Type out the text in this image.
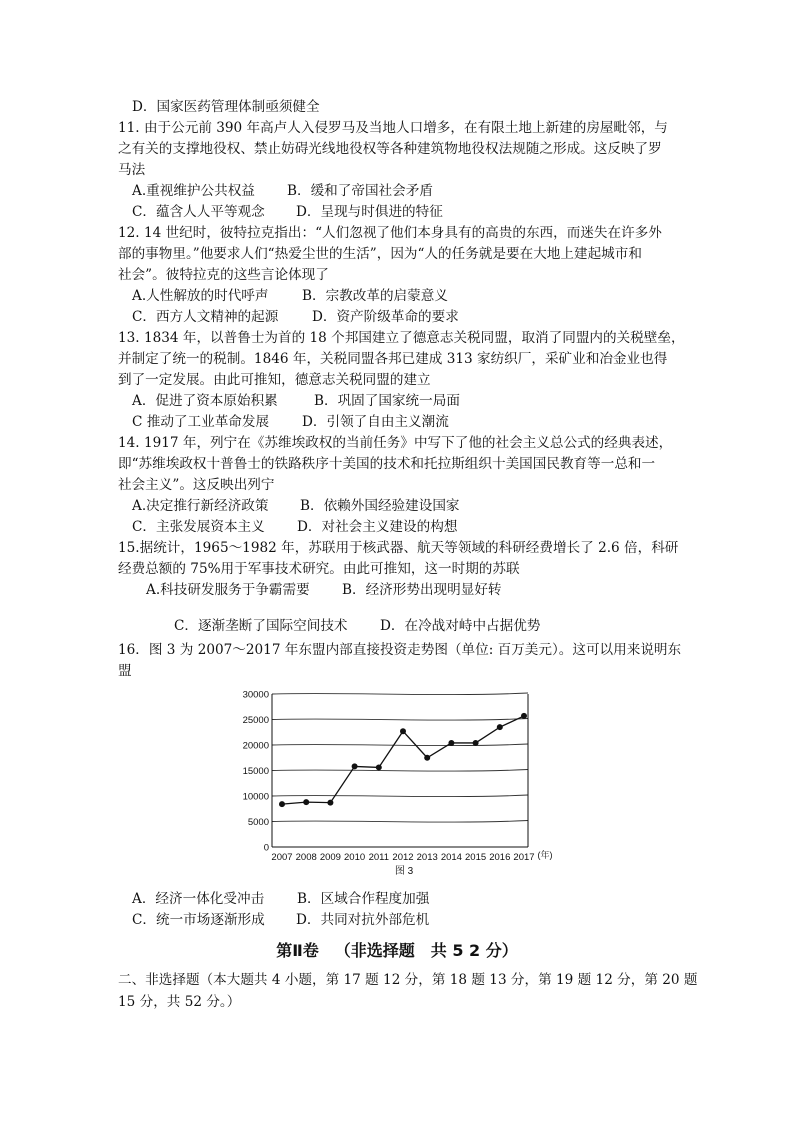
D．国家医药管理体制亟须健全
11. 由于公元前 390 年高卢人入侵罗马及当地人口增多，在有限土地上新建的房屋毗邻，与
之有关的支撑地役权、禁止妨碍光线地役权等各种建筑物地役权法规随之形成。这反映了罗
马法
A.重视维护公共权益 B．缓和了帝国社会矛盾
C．蕴含人人平等观念 D．呈现与时俱进的特征
12. 14 世纪时，彼特拉克指出：“人们忽视了他们本身具有的高贵的东西，而迷失在许多外
部的事物里。”他要求人们“热爱尘世的生活”，因为“人的任务就是要在大地上建起城市和
社会”。彼特拉克的这些言论体现了
A.人性解放的时代呼声 B．宗教改革的启蒙意义
C．西方人文精神的起源 D．资产阶级革命的要求
13. 1834 年，以普鲁士为首的 18 个邦国建立了德意志关税同盟，取消了同盟内的关税壁垒，
并制定了统一的税制。1846 年，关税同盟各邦已建成 313 家纺织厂，采矿业和冶金业也得
到了一定发展。由此可推知，德意志关税同盟的建立
A．促进了资本原始积累	B．巩固了国家统一局面
C 推动了工业革命发展 D．引领了自由主义潮流
14. 1917 年，列宁在《苏维埃政权的当前任务》中写下了他的社会主义总公式的经典表述，
即“苏维埃政权十普鲁士的铁路秩序十美国的技术和托拉斯组织十美国国民教育等一总和一
社会主义”。这反映出列宁
A.决定推行新经济政策 B．依赖外国经验建设国家
C．主张发展资本主义 D．对社会主义建设的构想
15.据统计，1965～1982 年，苏联用于核武器、航天等领域的科研经费增长了 2.6 倍，科研
经费总额的 75%用于军事技术研究。由此可推知，这一时期的苏联
A.科技研发服务于争霸需要 B．经济形势出现明显好转
C．逐渐垄断了国际空间技术 D．在冷战对峙中占据优势
16．图 3 为 2007～2017 年东盟内部直接投资走势图（单位: 百万美元）。这可以用来说明东
盟
0
5000
10000
15000
20000
25000
30000
2007 2008 2009 2010 2011 2012 2013 2014 2015 2016 2017 (年)
图 3
A．经济一体化受冲击 B．区域合作程度加强
C．统一市场逐渐形成 D．共同对抗外部危机
第Ⅱ卷 （非选择题　共 5 2 分）
二、非选择题（本大题共 4 小题，第 17 题 12 分，第 18 题 13 分，第 19 题 12 分，第 20 题
15 分，共 52 分。）
